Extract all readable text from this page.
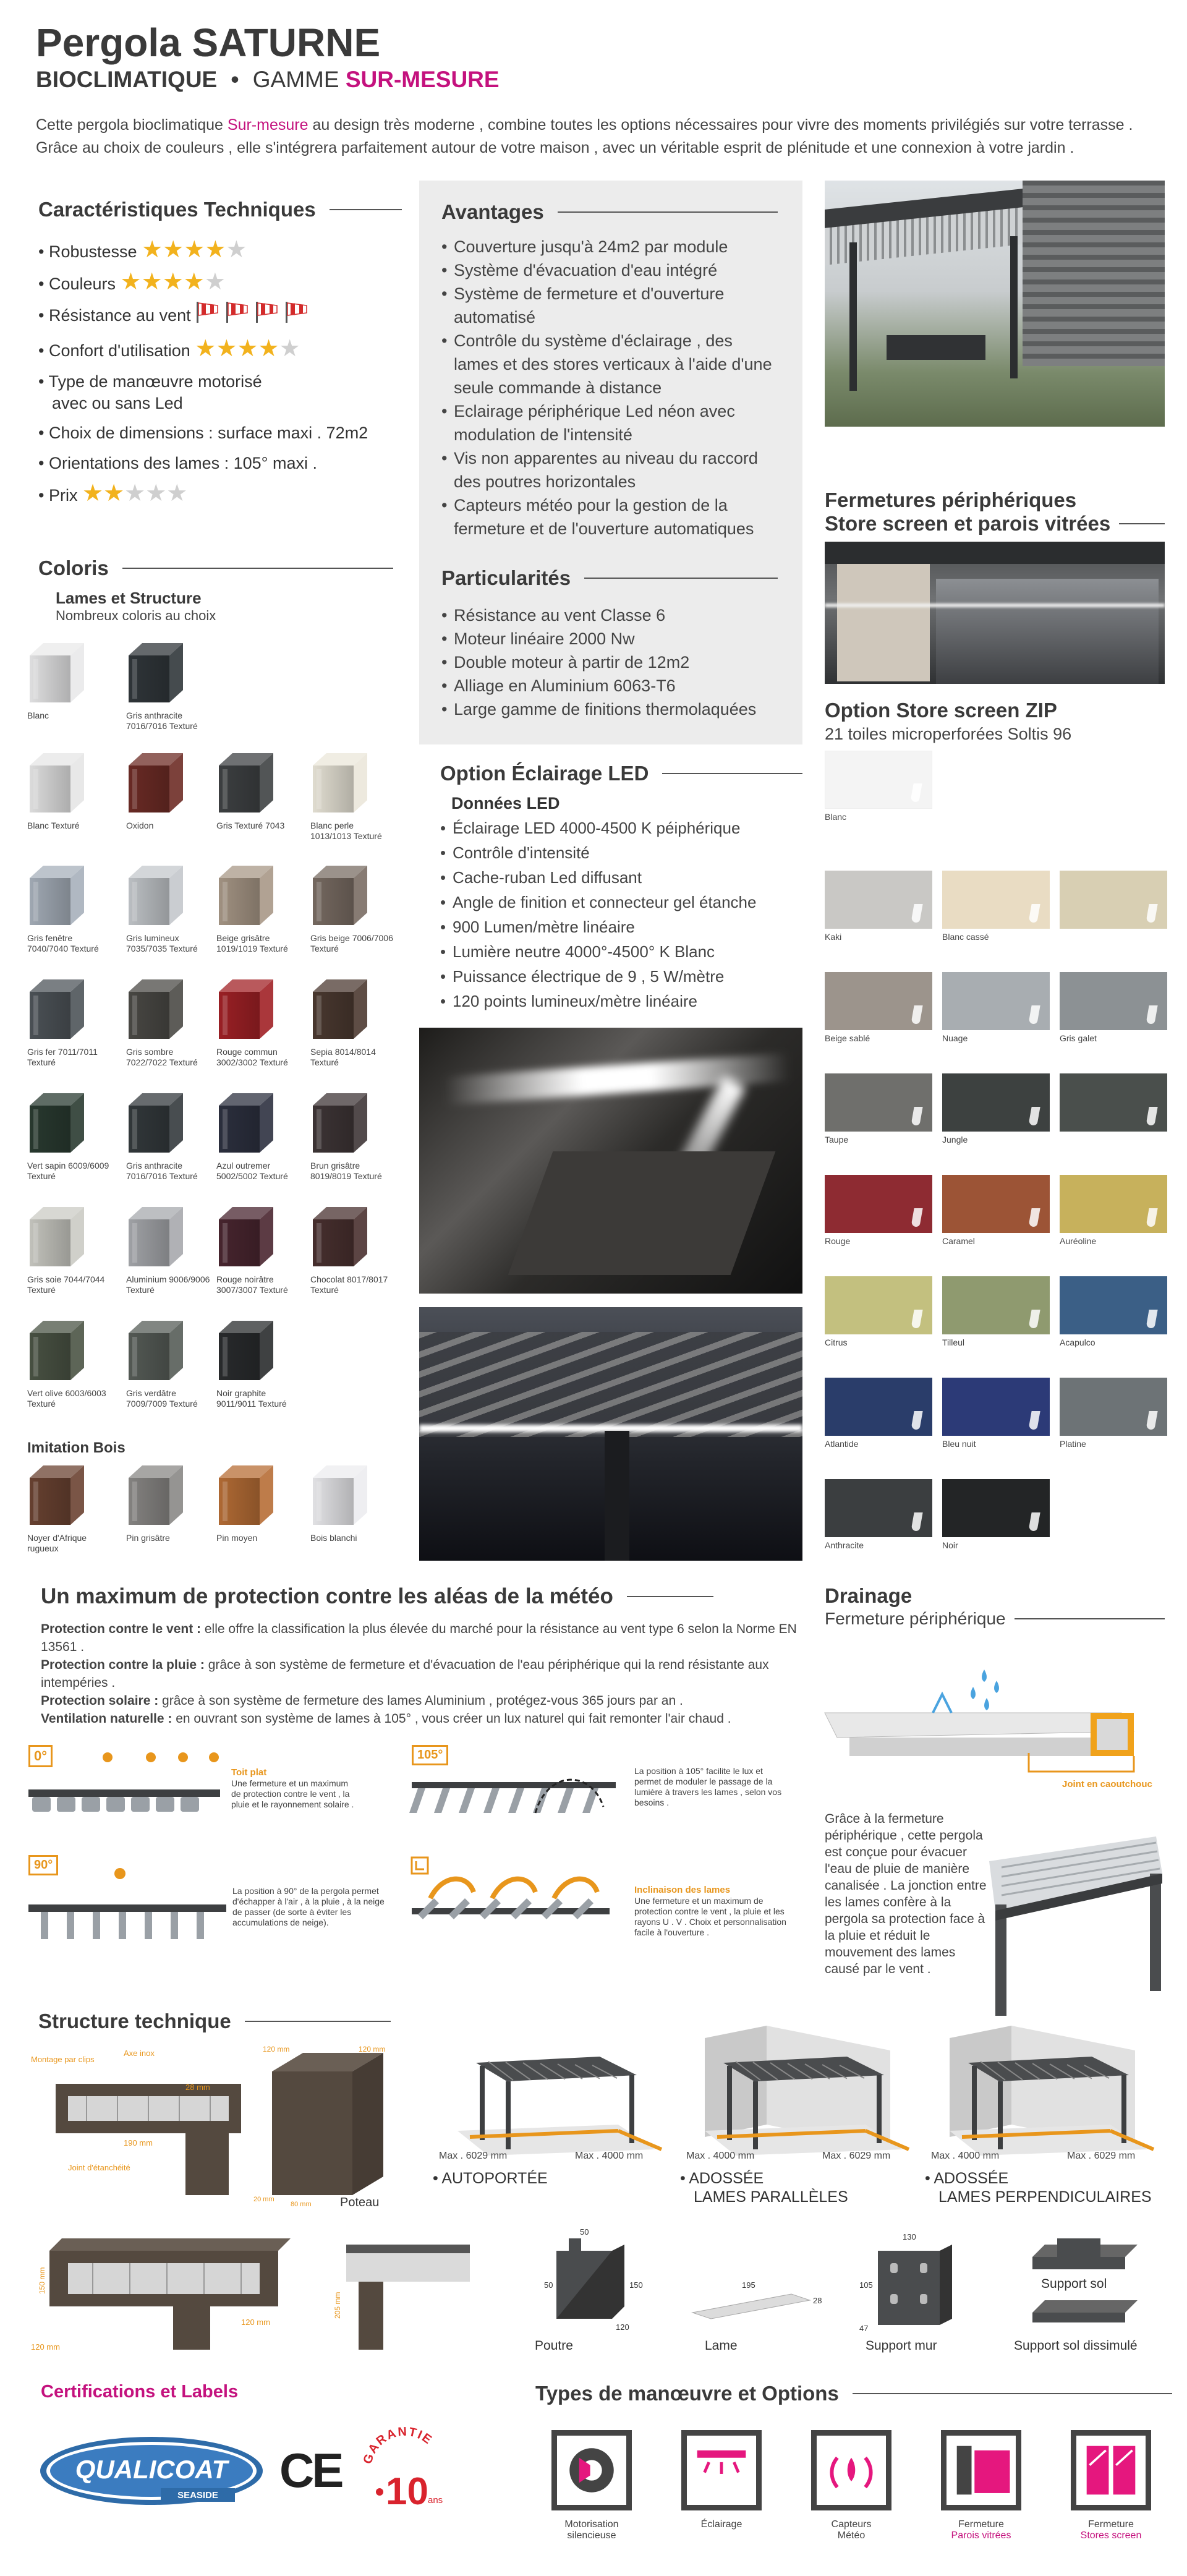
Pergola SATURNE
BIOCLIMATIQUE • GAMME SUR-MESURE
Cette pergola bioclimatique Sur-mesure au design très moderne , combine toutes les options nécessaires pour vivre des moments privilégiés sur votre terrasse . Grâce au choix de couleurs , elle s'intégrera parfaitement autour de votre maison , avec un véritable esprit de plénitude et une connexion à votre jardin .
Caractéristiques Techniques
• Robustesse ★★★★★
• Couleurs ★★★★★
• Résistance au vent
• Confort d'utilisation ★★★★★
• Type de manœuvre motorisé
avec ou sans Led
• Choix de dimensions : surface maxi . 72m2
• Orientations des lames : 105° maxi .
• Prix ★★★★★
Avantages
• Couverture jusqu'à 24m2 par module
• Système d'évacuation d'eau intégré
• Système de fermeture et d'ouverture automatisé
• Contrôle du système d'éclairage , des lames et des stores verticaux à l'aide d'une seule commande à distance
• Eclairage périphérique Led néon avec modulation de l'intensité
• Vis non apparentes au niveau du raccord des poutres horizontales
• Capteurs météo pour la gestion de la fermeture et de l'ouverture automatiques
Particularités
• Résistance au vent Classe 6
• Moteur linéaire 2000 Nw
• Double moteur à partir de 12m2
• Alliage en Aluminium 6063-T6
• Large gamme de finitions thermolaquées
Option Éclairage LED
Données LED
• Éclairage LED 4000-4500 K péiphérique
• Contrôle d'intensité
• Cache-ruban Led diffusant
• Angle de finition et connecteur gel étanche
• 900 Lumen/mètre linéaire
• Lumière neutre 4000°-4500° K Blanc
• Puissance électrique de 9 , 5 W/mètre
• 120 points lumineux/mètre linéaire
Fermetures périphériques
Store screen et parois vitrées
Option Store screen ZIP
21 toiles microperforées Soltis 96
Blanc
Kaki	Blanc cassé
Beige sablé	Nuage	Gris galet
Taupe	Jungle
Rouge	Caramel	Auréoline
Citrus	Tilleul	Acapulco
Atlantide	Bleu nuit	Platine
Anthracite	Noir
Coloris
Lames et Structure
Nombreux coloris au choix
Blanc	Gris anthracite 7016/7016 Texturé
Blanc Texturé	Oxidon	Gris Texturé 7043	Blanc perle 1013/1013 Texturé
Gris fenêtre 7040/7040 Texturé
Gris lumineux 7035/7035 Texturé
Beige grisâtre 1019/1019 Texturé
Gris beige 7006/7006 Texturé
Gris fer 7011/7011 Texturé
Gris sombre 7022/7022 Texturé
Rouge commun 3002/3002 Texturé
Sepia 8014/8014 Texturé
Vert sapin 6009/6009 Texturé
Gris anthracite 7016/7016 Texturé
Azul outremer 5002/5002 Texturé
Brun grisâtre 8019/8019 Texturé
Gris soie 7044/7044 Texturé
Aluminium 9006/9006 Texturé
Rouge noirâtre 3007/3007 Texturé
Chocolat 8017/8017 Texturé
Vert olive 6003/6003 Texturé
Gris verdâtre 7009/7009 Texturé
Noir graphite 9011/9011 Texturé
Noyer d'Afrique rugueux
Pin grisâtre	Pin moyen	Bois blanchi
Imitation Bois
Un maximum de protection contre les aléas de la météo
Protection contre le vent : elle offre la classification la plus élevée du marché pour la résistance au vent type 6 selon la Norme EN 13561 .
Protection contre la pluie : grâce à son système de fermeture et d'évacuation de l'eau périphérique qui la rend résistante aux intempéries .
Protection solaire : grâce à son système de fermeture des lames Aluminium , protégez-vous 365 jours par an .
Ventilation naturelle : en ouvrant son système de lames à 105° , vous créer un lux naturel qui fait remonter l'air chaud .
0°
Toit plat
Une fermeture et un maximum de protection contre le vent , la pluie et le rayonnement solaire .
105°
La position à 105° facilite le lux et permet de moduler le passage de la lumière à travers les lames , selon vos besoins .
90°
La position à 90° de la pergola permet d'échapper à l'air , à la pluie , à la neige de passer (de sorte à éviter les accumulations de neige).
Inclinaison des lames
Une fermeture et un maximum de protection contre le vent , la pluie et les rayons U . V . Choix et personnalisation facile à l'ouverture .
Drainage
Fermeture périphérique
Joint en caoutchouc
Grâce à la fermeture périphérique , cette pergola est conçue pour évacuer l'eau de pluie de manière canalisée . La jonction entre les lames confère à la pergola sa protection face à la pluie et réduit le mouvement des lames causé par le vent .
Structure technique
Montage par clips
Axe inox
Joint d'étanchéité
190 mm
28 mm
120 mm	120 mm
20 mm
80 mm Poteau
Max . 6029 mm	Max . 4000 mm
• AUTOPORTÉE
Max . 4000 mm	Max . 6029 mm
• ADOSSÉE
LAMES PARALLÈLES
Max . 4000 mm	Max . 6029 mm
• ADOSSÉE
LAMES PERPENDICULAIRES
120 mm
120 mm
150 mm
205 mm
50
50	150
120
Poutre
195
28
Lame
130
105
47
Support mur
Support sol
Support sol dissimulé
Certifications et Labels
QUALICOAT
SEASIDE CE GARANTIE
10 ans
Types de manœuvre et Options
Motorisation
silencieuse
Éclairage	Capteurs
Météo
Fermeture
Parois vitrées
Fermeture
Stores screen
